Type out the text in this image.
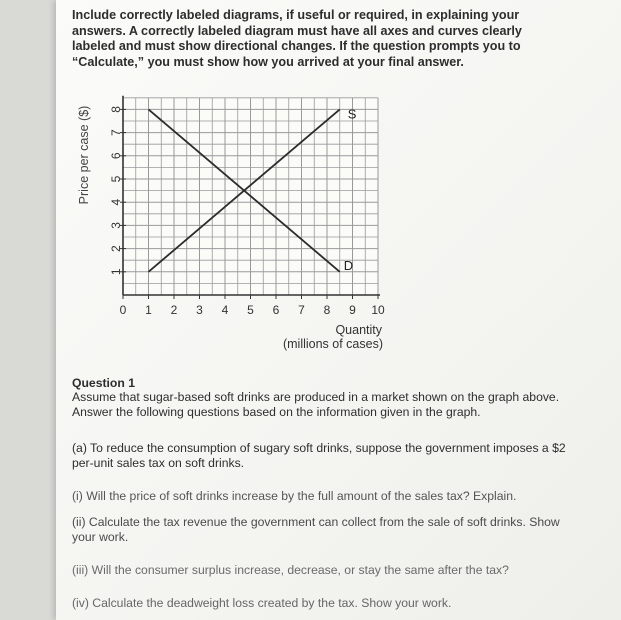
Include correctly labeled diagrams, if useful or required, in explaining your answers. A correctly labeled diagram must have all axes and curves clearly labeled and must show directional changes. If the question prompts you to “Calculate,” you must show how you arrived at your final answer.
0 1 2 3 4 5 6 7 8 9 10
1
2
3
4
5
6
7
8	S
D
Price per case ($)
Quantity
(millions of cases)
Question 1
Assume that sugar-based soft drinks are produced in a market shown on the graph above. Answer the following questions based on the information given in the graph.
(a) To reduce the consumption of sugary soft drinks, suppose the government imposes a $2 per-unit sales tax on soft drinks.
(i) Will the price of soft drinks increase by the full amount of the sales tax? Explain.
(ii) Calculate the tax revenue the government can collect from the sale of soft drinks. Show your work.
(iii) Will the consumer surplus increase, decrease, or stay the same after the tax?
(iv) Calculate the deadweight loss created by the tax. Show your work.
